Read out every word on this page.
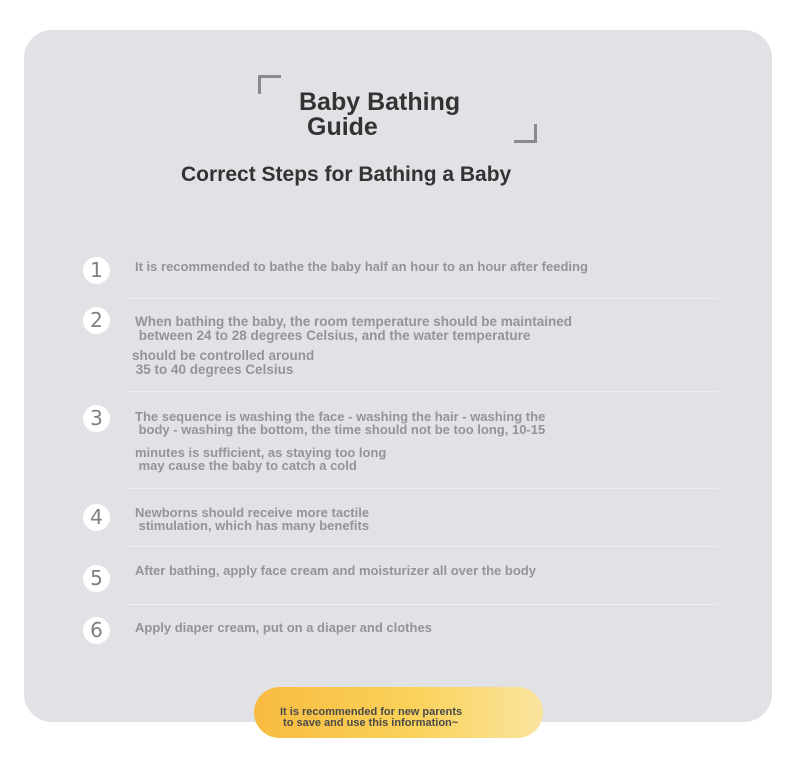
Baby Bathing
Guide
Correct Steps for Bathing a Baby
1	It is recommended to bathe the baby half an hour to an hour after feeding
2	When bathing the baby, the room temperature should be maintained
between 24 to 28 degrees Celsius, and the water temperature
should be controlled around
35 to 40 degrees Celsius
3	The sequence is washing the face - washing the hair - washing the
body - washing the bottom, the time should not be too long, 10-15
minutes is sufficient, as staying too long
may cause the baby to catch a cold
4	Newborns should receive more tactile
stimulation, which has many benefits
5	After bathing, apply face cream and moisturizer all over the body
6	Apply diaper cream, put on a diaper and clothes
It is recommended for new parents
to save and use this information~
